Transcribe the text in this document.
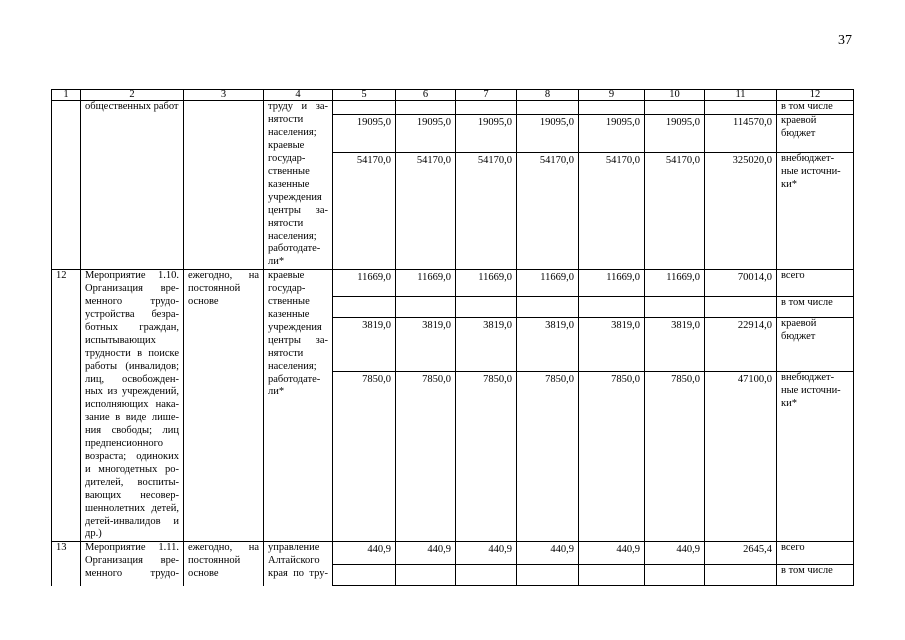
37
1	2	3	4	5	6	7	8	9	10	11	12
	общественных работ		труду и за-								в том числе
			нятости населения; краевые государ- ственные казенные учреждения центры за- нятости населения; работодате- ли*	19095,0	19095,0	19095,0	19095,0	19095,0	19095,0	114570,0	краевой бюджет
				54170,0	54170,0	54170,0	54170,0	54170,0	54170,0	325020,0	внебюджет- ные источни- ки*
12	Мероприятие 1.10. Организация вре- менного трудо- устройства безра- ботных граждан, испытывающих трудности в поиске работы (инвалидов; лиц, освобожден- ных из учреждений, исполняющих нака- зание в виде лише- ния свободы; лиц предпенсионного возраста; одиноких и многодетных ро- дителей, воспиты- вающих несовер- шеннолетних детей, детей-инвалидов и др.)	ежегодно, на постоянной основе	краевые государ- ственные казенные учреждения центры за- нятости населения; работодате- ли*	11669,0	11669,0	11669,0	11669,0	11669,0	11669,0	70014,0	всего
											в том числе
				3819,0	3819,0	3819,0	3819,0	3819,0	3819,0	22914,0	краевой бюджет
				7850,0	7850,0	7850,0	7850,0	7850,0	7850,0	47100,0	внебюджет- ные источни- ки*
13	Мероприятие 1.11. Организация вре- менного трудо-	ежегодно, на постоянной основе	управление Алтайского края по тру-	440,9	440,9	440,9	440,9	440,9	440,9	2645,4	всего
											в том числе
